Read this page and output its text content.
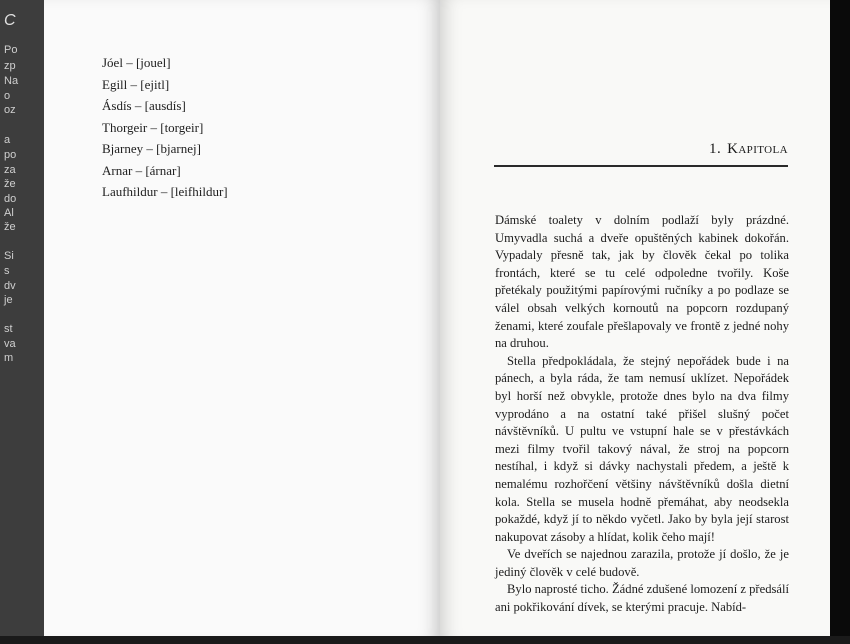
C
Po
zp
Na
o
oz
a
po
za
že
do
Al
že
Si
s
dv
je
st
va
m
Jóel – [jouel]
Egill – [ejitl]
Ásdís – [ausdís]
Thorgeir – [torgeir]
Bjarney – [bjarnej]
Arnar – [árnar]
Laufhildur – [leifhildur]
1. Kapitola

Dámské toalety v dolním podlaží byly prázdné. Umyvadla suchá a dveře opuštěných kabinek dokořán. Vypadaly přesně tak, jak by člověk čekal po tolika frontách, které se tu celé odpoledne tvořily. Koše přetékaly použitými papírovými ručníky a po podlaze se válel obsah velkých kornoutů na popcorn rozdupaný ženami, které zoufale přešlapovaly ve frontě z jedné nohy na druhou.

Stella předpokládala, že stejný nepořádek bude i na pánech, a byla ráda, že tam nemusí uklízet. Nepořádek byl horší než obvykle, protože dnes bylo na dva filmy vyprodáno a na ostatní také přišel slušný počet návštěvníků. U pultu ve vstupní hale se v přestávkách mezi filmy tvořil takový nával, že stroj na popcorn nestíhal, i když si dávky nachystali předem, a ještě k nemalému rozhořčení většiny návštěvníků došla dietní kola. Stella se musela hodně přemáhat, aby neodsekla pokaždé, když jí to někdo vyčetl. Jako by byla její starost nakupovat zásoby a hlídat, kolik čeho mají!

Ve dveřích se najednou zarazila, protože jí došlo, že je jediný člověk v celé budově.

Bylo naprosté ticho. Žádné zdušené lomození z předsálí ani pokřikování dívek, se kterými pracuje. Nabíd-
